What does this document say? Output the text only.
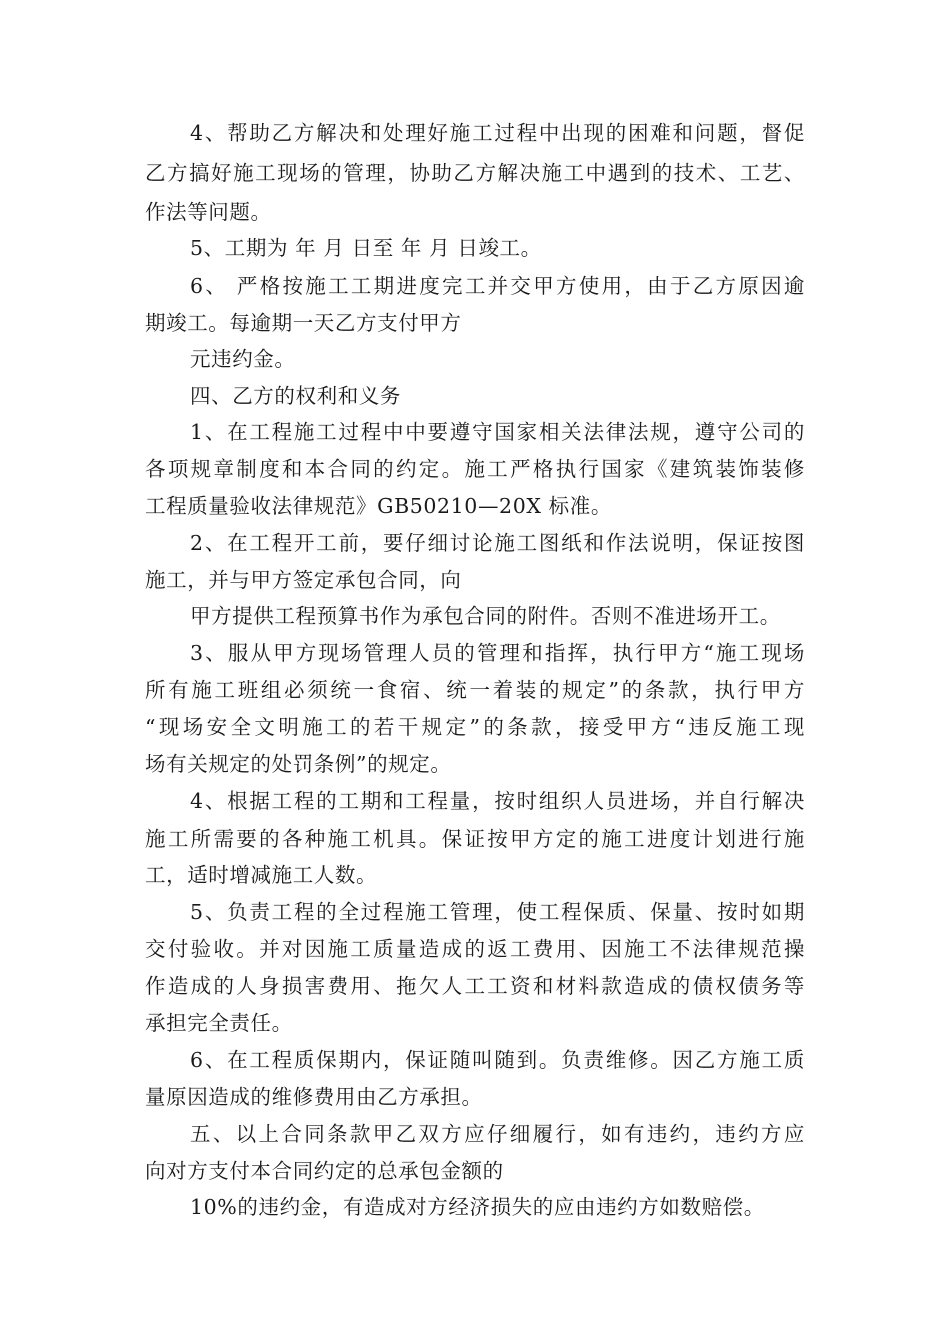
4、帮助乙方解决和处理好施工过程中出现的困难和问题，督促
乙方搞好施工现场的管理，协助乙方解决施工中遇到的技术、工艺、
作法等问题。
5、工期为 年 月 日至 年 月 日竣工。
6、 严格按施工工期进度完工并交甲方使用，由于乙方原因逾
期竣工。每逾期一天乙方支付甲方
元违约金。
四、乙方的权利和义务
1、在工程施工过程中中要遵守国家相关法律法规，遵守公司的
各项规章制度和本合同的约定。施工严格执行国家《建筑装饰装修
工程质量验收法律规范》GB50210—20X 标准。
2、在工程开工前，要仔细讨论施工图纸和作法说明，保证按图
施工，并与甲方签定承包合同，向
甲方提供工程预算书作为承包合同的附件。否则不准进场开工。
3、服从甲方现场管理人员的管理和指挥，执行甲方“施工现场
所有施工班组必须统一食宿、统一着装的规定”的条款，执行甲方
“现场安全文明施工的若干规定”的条款，接受甲方“违反施工现
场有关规定的处罚条例”的规定。
4、根据工程的工期和工程量，按时组织人员进场，并自行解决
施工所需要的各种施工机具。保证按甲方定的施工进度计划进行施
工，适时增减施工人数。
5、负责工程的全过程施工管理，使工程保质、保量、按时如期
交付验收。并对因施工质量造成的返工费用、因施工不法律规范操
作造成的人身损害费用、拖欠人工工资和材料款造成的债权债务等
承担完全责任。
6、在工程质保期内，保证随叫随到。负责维修。因乙方施工质
量原因造成的维修费用由乙方承担。
五、以上合同条款甲乙双方应仔细履行，如有违约，违约方应
向对方支付本合同约定的总承包金额的
10%的违约金，有造成对方经济损失的应由违约方如数赔偿。
